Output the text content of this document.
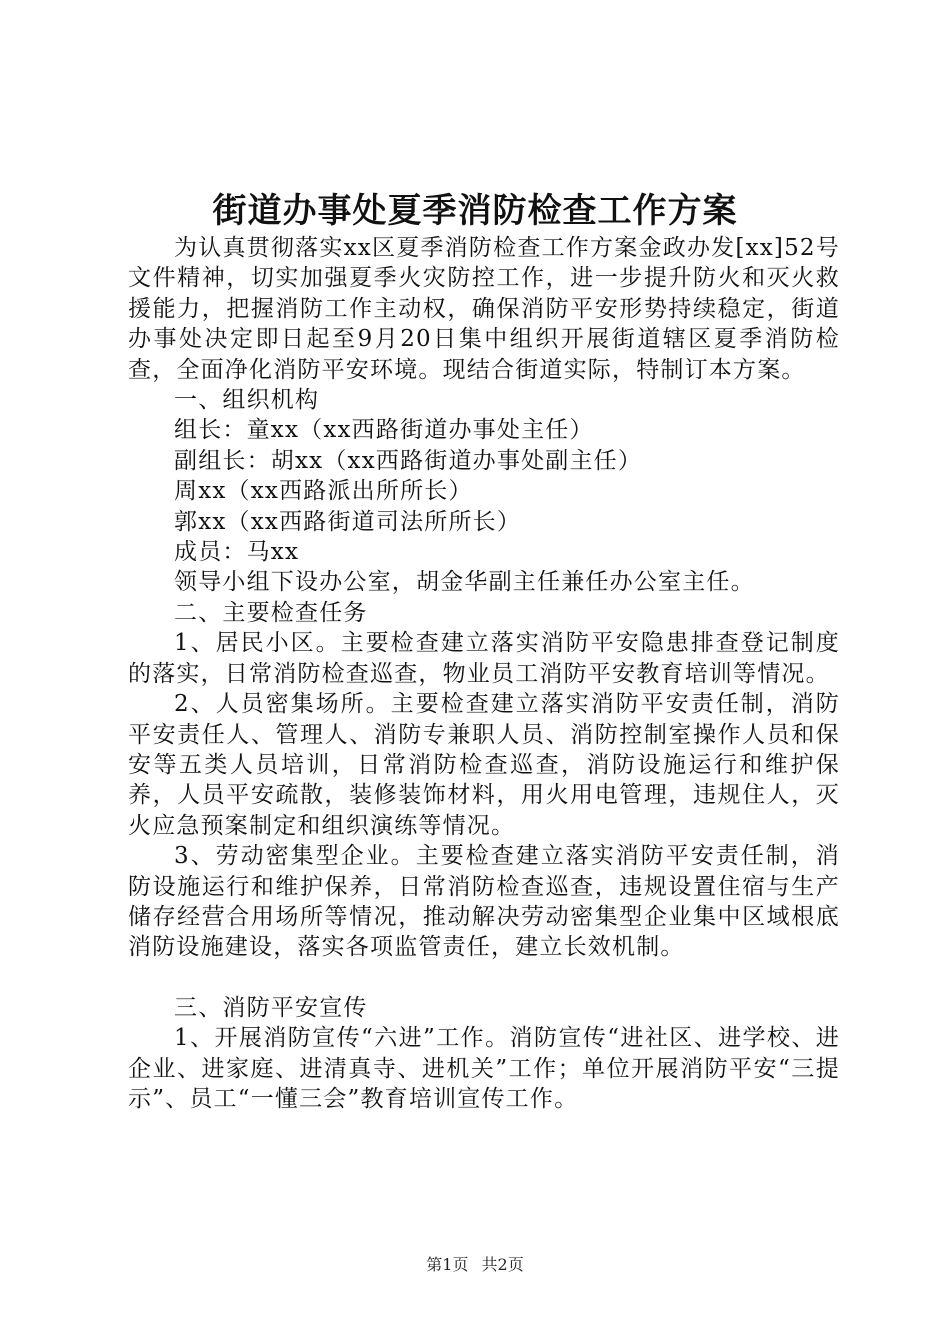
街道办事处夏季消防检查工作方案

为认真贯彻落实xx区夏季消防检查工作方案金政办发[xx]52号文件精神，切实加强夏季火灾防控工作，进一步提升防火和灭火救援能力，把握消防工作主动权，确保消防平安形势持续稳定，街道办事处决定即日起至9月20日集中组织开展街道辖区夏季消防检查，全面净化消防平安环境。现结合街道实际，特制订本方案。

一、组织机构

组长：童xx（xx西路街道办事处主任）

副组长：胡xx（xx西路街道办事处副主任）

周xx（xx西路派出所所长）

郭xx（xx西路街道司法所所长）

成员：马xx

领导小组下设办公室，胡金华副主任兼任办公室主任。

二、主要检查任务

1、居民小区。主要检查建立落实消防平安隐患排查登记制度的落实，日常消防检查巡查，物业员工消防平安教育培训等情况。

2、人员密集场所。主要检查建立落实消防平安责任制，消防平安责任人、管理人、消防专兼职人员、消防控制室操作人员和保安等五类人员培训，日常消防检查巡查，消防设施运行和维护保养，人员平安疏散，装修装饰材料，用火用电管理，违规住人，灭火应急预案制定和组织演练等情况。

3、劳动密集型企业。主要检查建立落实消防平安责任制，消防设施运行和维护保养，日常消防检查巡查，违规设置住宿与生产储存经营合用场所等情况，推动解决劳动密集型企业集中区域根底消防设施建设，落实各项监管责任，建立长效机制。

三、消防平安宣传

1、开展消防宣传“六进”工作。消防宣传“进社区、进学校、进企业、进家庭、进清真寺、进机关”工作；单位开展消防平安“三提示”、员工“一懂三会”教育培训宣传工作。

第1页 共2页
